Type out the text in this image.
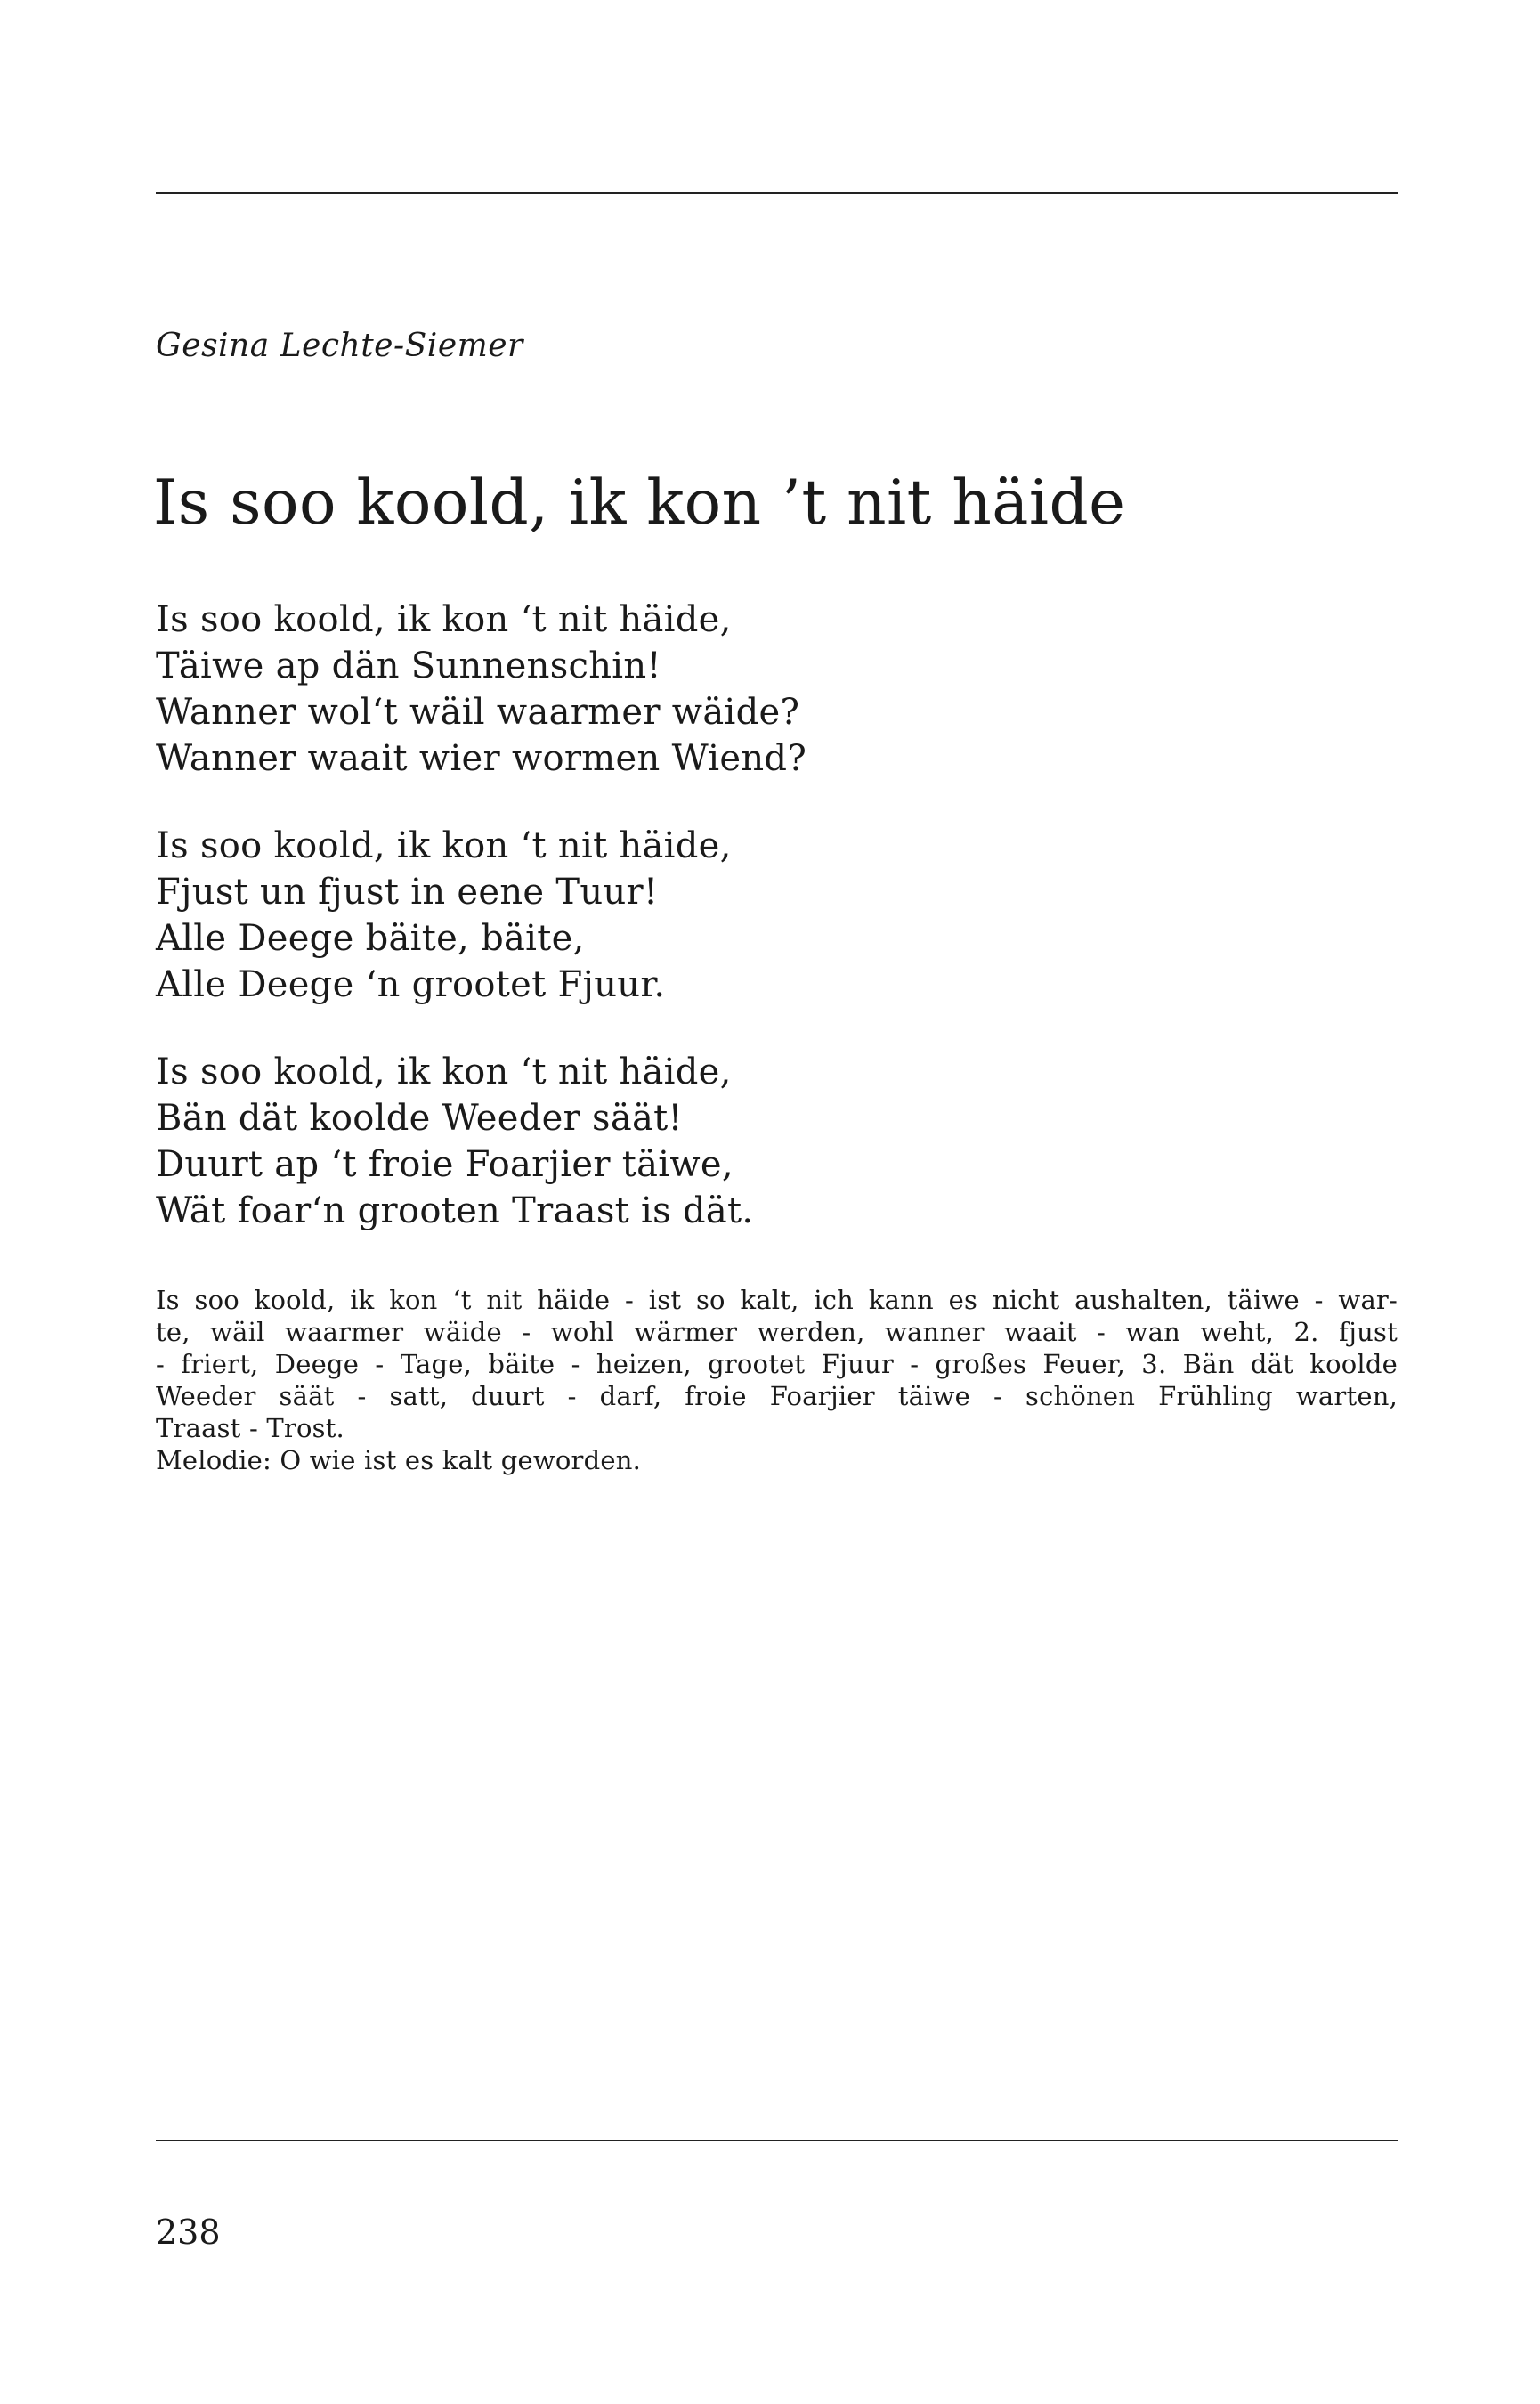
Gesina Lechte-Siemer
Is soo koold, ik kon ’t nit häide
Is soo koold, ik kon ‘t nit häide,
Täiwe ap dän Sunnenschin!
Wanner wol‘t wäil waarmer wäide?
Wanner waait wier wormen Wiend?
Is soo koold, ik kon ‘t nit häide,
Fjust un fjust in eene Tuur!
Alle Deege bäite, bäite,
Alle Deege ‘n grootet Fjuur.
Is soo koold, ik kon ‘t nit häide,
Bän dät koolde Weeder säät!
Duurt ap ‘t froie Foarjier täiwe,
Wät foar‘n grooten Traast is dät.
Is soo koold, ik kon ‘t nit häide - ist so kalt, ich kann es nicht aushalten, täiwe - war-
te, wäil waarmer wäide - wohl wärmer werden, wanner waait - wan weht, 2. fjust
- friert, Deege - Tage, bäite - heizen, grootet Fjuur - großes Feuer, 3. Bän dät koolde
Weeder säät - satt, duurt - darf, froie Foarjier täiwe - schönen Frühling warten,
Traast - Trost.
Melodie: O wie ist es kalt geworden.
238
